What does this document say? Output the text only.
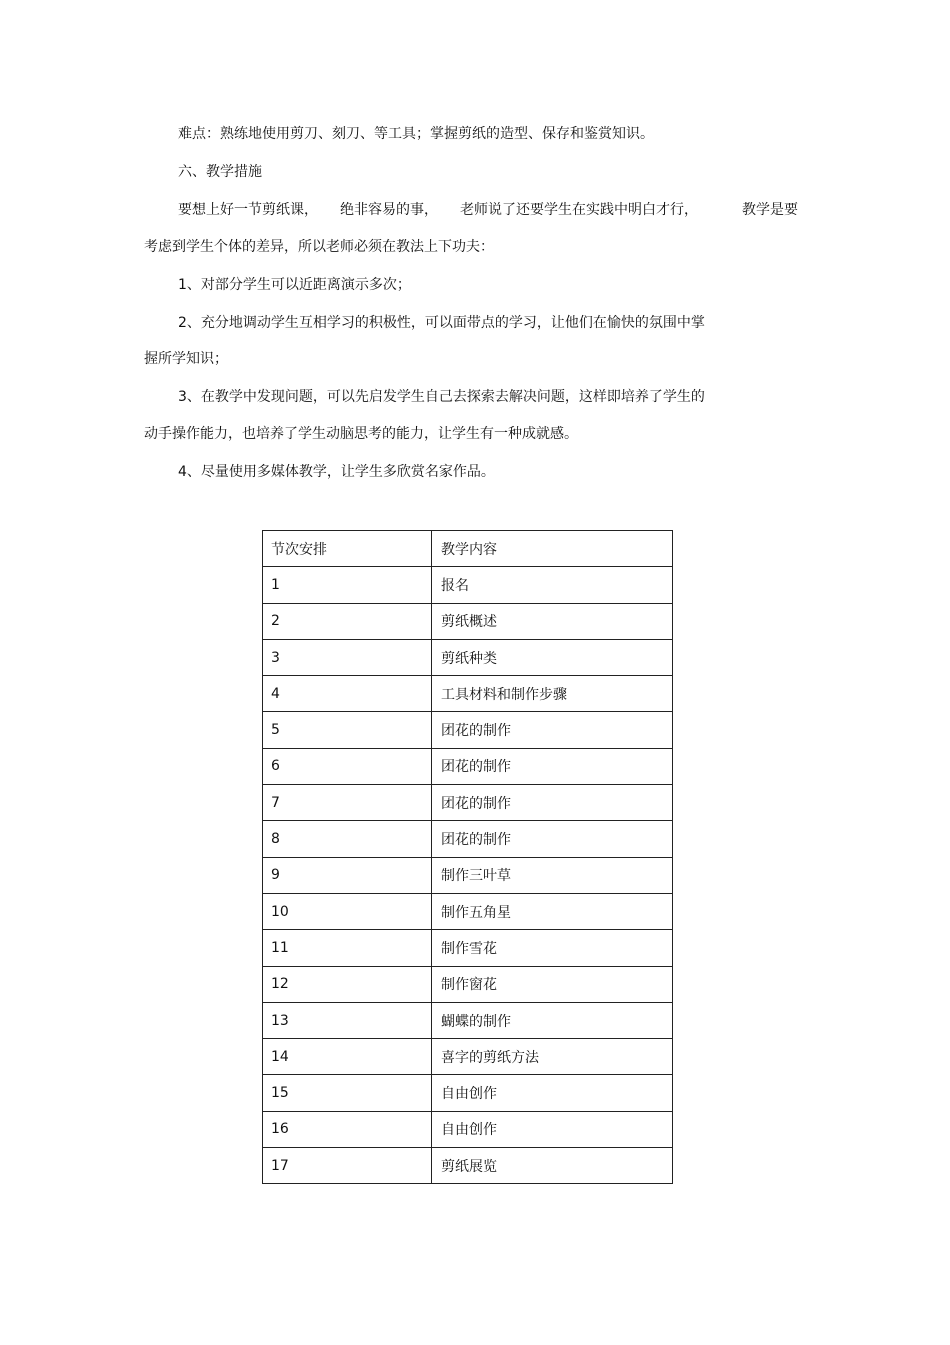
难点：熟练地使用剪刀、刻刀、等工具；掌握剪纸的造型、保存和鉴赏知识。
六、教学措施
要想上好一节剪纸课， 绝非容易的事， 老师说了还要学生在实践中明白才行，	教学是要
考虑到学生个体的差异，所以老师必须在教法上下功夫：
1、对部分学生可以近距离演示多次；
2、充分地调动学生互相学习的积极性，可以面带点的学习，让他们在愉快的氛围中掌
握所学知识；
3、在教学中发现问题，可以先启发学生自己去探索去解决问题，这样即培养了学生的
动手操作能力，也培养了学生动脑思考的能力，让学生有一种成就感。
4、尽量使用多媒体教学，让学生多欣赏名家作品。
节次安排	教学内容
1	报名
2	剪纸概述
3	剪纸种类
4	工具材料和制作步骤
5	团花的制作
6	团花的制作
7	团花的制作
8	团花的制作
9	制作三叶草
10	制作五角星
11	制作雪花
12	制作窗花
13	蝴蝶的制作
14	喜字的剪纸方法
15	自由创作
16	自由创作
17	剪纸展览
